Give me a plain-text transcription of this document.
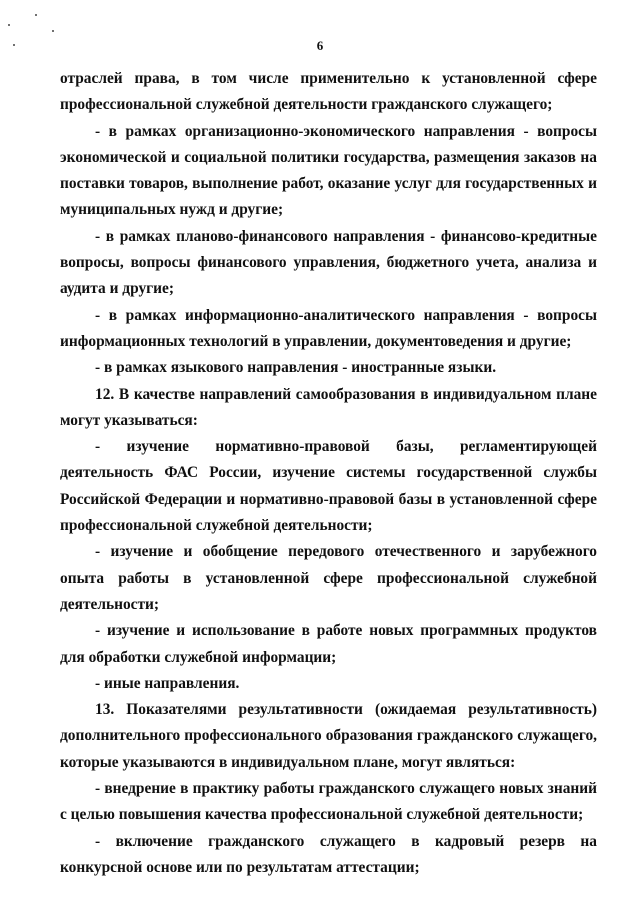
6

отраслей права, в том числе применительно к установленной сфере профессиональной служебной деятельности гражданского служащего;

- в рамках организационно-экономического направления - вопросы экономической и социальной политики государства, размещения заказов на поставки товаров, выполнение работ, оказание услуг для государственных и муниципальных нужд и другие;

- в рамках планово-финансового направления - финансово-кредитные вопросы, вопросы финансового управления, бюджетного учета, анализа и аудита и другие;

- в рамках информационно-аналитического направления - вопросы информационных технологий в управлении, документоведения и другие;

- в рамках языкового направления - иностранные языки.

12. В качестве направлений самообразования в индивидуальном плане могут указываться:

- изучение нормативно-правовой базы, регламентирующей деятельность ФАС России, изучение системы государственной службы Российской Федерации и нормативно-правовой базы в установленной сфере профессиональной служебной деятельности;

- изучение и обобщение передового отечественного и зарубежного опыта работы в установленной сфере профессиональной служебной деятельности;

- изучение и использование в работе новых программных продуктов для обработки служебной информации;

- иные направления.

13. Показателями результативности (ожидаемая результативность) дополнительного профессионального образования гражданского служащего, которые указываются в индивидуальном плане, могут являться:

- внедрение в практику работы гражданского служащего новых знаний с целью повышения качества профессиональной служебной деятельности;

- включение гражданского служащего в кадровый резерв на конкурсной основе или по результатам аттестации;
